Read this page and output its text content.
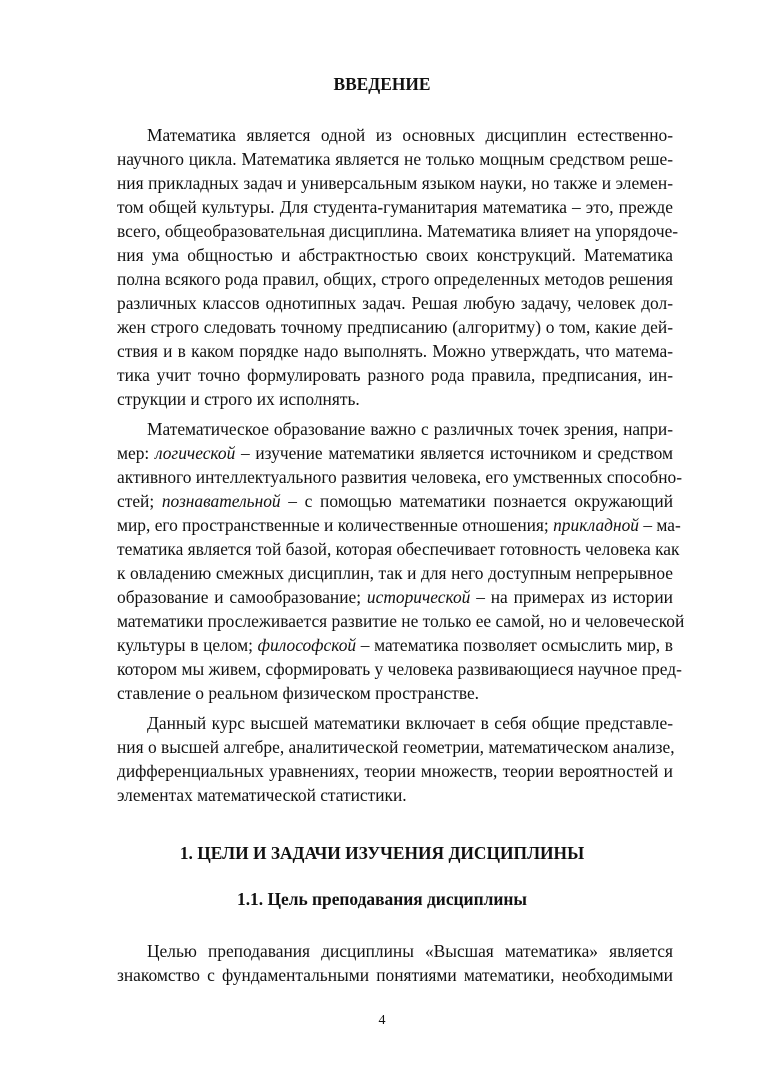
ВВЕДЕНИЕ

Математика является одной из основных дисциплин естественно-

научного цикла. Математика является не только мощным средством реше-

ния прикладных задач и универсальным языком науки, но также и элемен-

том общей культуры. Для студента-гуманитария математика – это, прежде

всего, общеобразовательная дисциплина. Математика влияет на упорядоче-

ния ума общностью и абстрактностью своих конструкций. Математика

полна всякого рода правил, общих, строго определенных методов решения

различных классов однотипных задач. Решая любую задачу, человек дол-

жен строго следовать точному предписанию (алгоритму) о том, какие дей-

ствия и в каком порядке надо выполнять. Можно утверждать, что матема-

тика учит точно формулировать разного рода правила, предписания, ин-

струкции и строго их исполнять.

Математическое образование важно с различных точек зрения, напри-

мер: логической – изучение математики является источником и средством

активного интеллектуального развития человека, его умственных способно-

стей; познавательной – с помощью математики познается окружающий

мир, его пространственные и количественные отношения; прикладной – ма-

тематика является той базой, которая обеспечивает готовность человека как

к овладению смежных дисциплин, так и для него доступным непрерывное

образование и самообразование; исторической – на примерах из истории

математики прослеживается развитие не только ее самой, но и человеческой

культуры в целом; философской – математика позволяет осмыслить мир, в

котором мы живем, сформировать у человека развивающиеся научное пред-

ставление о реальном физическом пространстве.

Данный курс высшей математики включает в себя общие представле-

ния о высшей алгебре, аналитической геометрии, математическом анализе,

дифференциальных уравнениях, теории множеств, теории вероятностей и

элементах математической статистики.

1. ЦЕЛИ И ЗАДАЧИ ИЗУЧЕНИЯ ДИСЦИПЛИНЫ
1.1. Цель преподавания дисциплины

Целью преподавания дисциплины «Высшая математика» является

знакомство с фундаментальными понятиями математики, необходимыми

4
